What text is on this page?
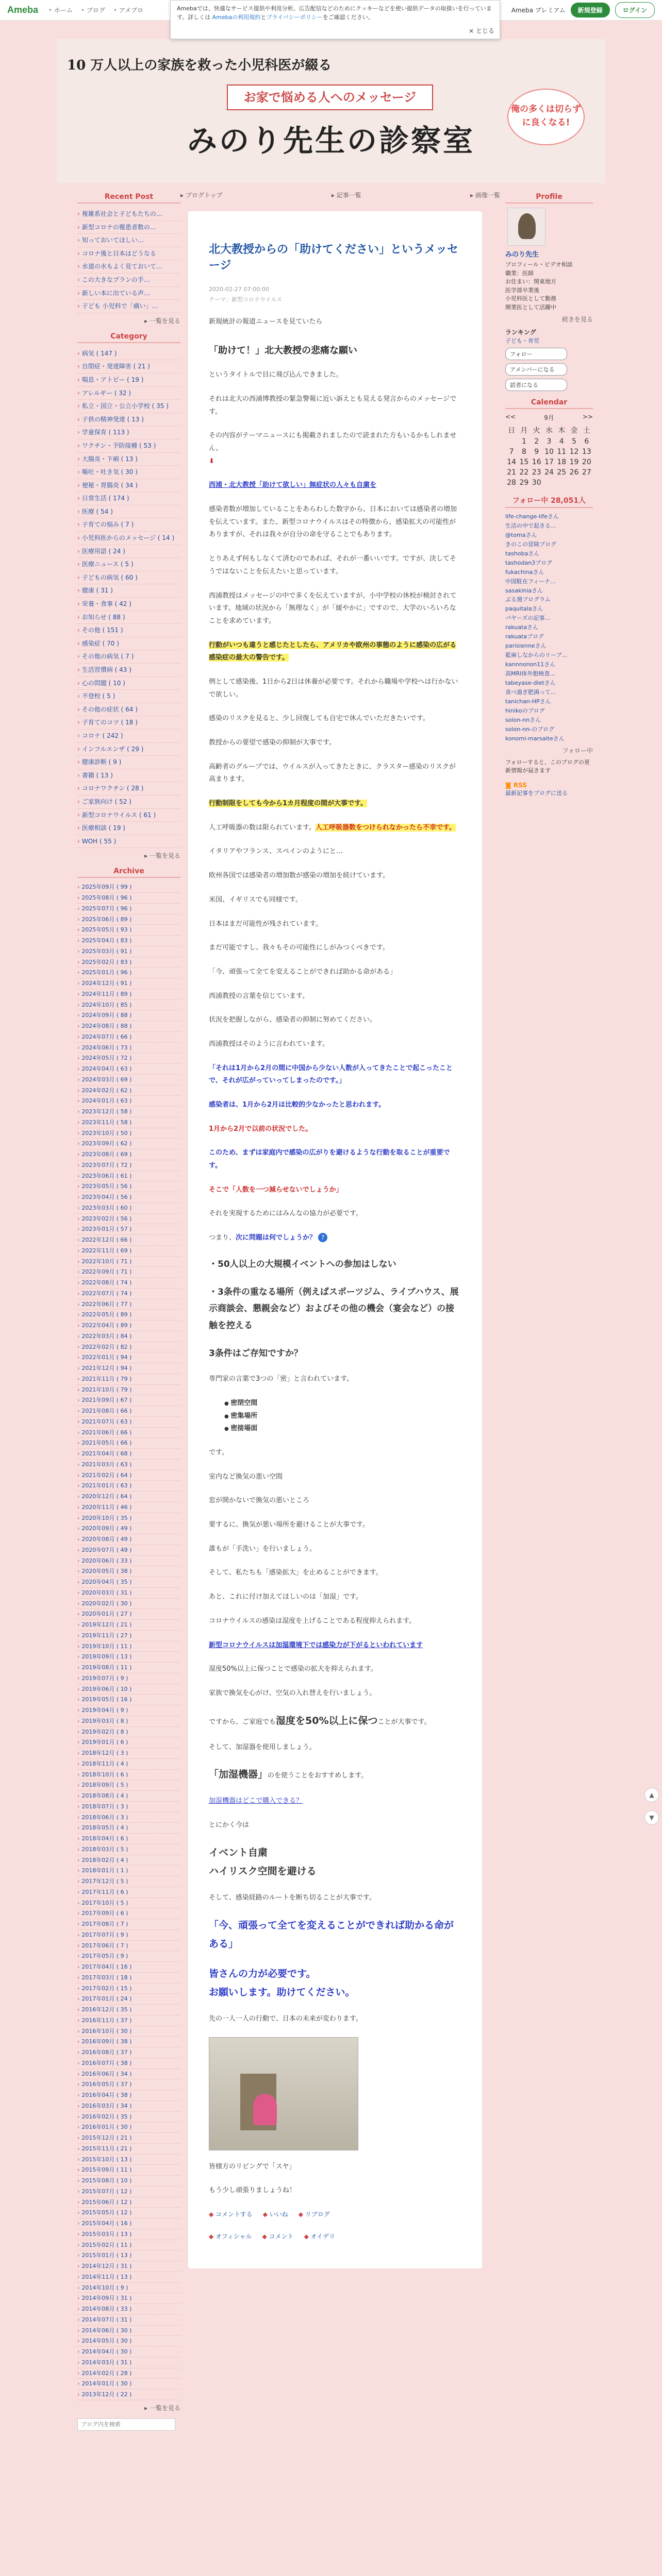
Ameba	• ホーム	• ブログ	• アメブロ	Ameba プレミアム	新規登録	ログイン
Amebaでは、快適なサービス提供や利用分析、広告配信などのためにクッキーなどを使い提供データの取扱いを行っています。詳しくは Amebaの利用規約とプライバシーポリシーをご確認ください。
× とじる
10 万人以上の家族を救った小児科医が綴る
お家で悩める人へのメッセージ
みのり先生の診察室
俺の多くは切らずに良くなる!
▸ ブログトップ	▸ 記事一覧	▸ 画像一覧
Recent Post
› 複雑系社会と子どもたちの…
› 新型コロナの罹患者数の…
› 知っておいてほしい…
› コロナ後と日本はどうなる
› 水道の水もよく見ておいて…
› この大きなプランの手…
› 新しい本に出ている声…
› 子ども 小児科で「痛い」…
▸ 一覧を見る
Category
› 病気 ( 147 )
› 自閉症・発達障害 ( 21 )
› 喘息・アトピー ( 19 )
› アレルギー ( 32 )
› 私立・国立・公立小学校 ( 35 )
› 子供の精神発達 ( 13 )
› 学童保育 ( 113 )
› ワクチン・予防接種 ( 53 )
› 大腸炎・下痢 ( 13 )
› 嘔吐・吐き気 ( 30 )
› 便秘・胃腸炎 ( 34 )
› 日常生活 ( 174 )
› 医療 ( 54 )
› 子育ての悩み ( 7 )
› 小児科医からのメッセージ ( 14 )
› 医療用語 ( 24 )
› 医療ニュース ( 5 )
› 子どもの病気 ( 60 )
› 健康 ( 31 )
› 栄養・食事 ( 42 )
› お知らせ ( 88 )
› その他 ( 151 )
› 感染症 ( 70 )
› その他の病気 ( 7 )
› 生活習慣病 ( 43 )
› 心の問題 ( 10 )
› 不登校 ( 5 )
› その他の症状 ( 64 )
› 子育てのコツ ( 18 )
› コロナ ( 242 )
› インフルエンザ ( 29 )
› 健康診断 ( 9 )
› 書籍 ( 13 )
› コロナワクチン ( 28 )
› ご家族向け ( 52 )
› 新型コロナウイルス ( 61 )
› 医療相談 ( 19 )
› WOH ( 55 )
▸ 一覧を見る
Archive
› 2025年09月 ( 99 )
› 2025年08月 ( 96 )
› 2025年07月 ( 96 )
› 2025年06月 ( 89 )
› 2025年05月 ( 93 )
› 2025年04月 ( 83 )
› 2025年03月 ( 91 )
› 2025年02月 ( 83 )
› 2025年01月 ( 96 )
› 2024年12月 ( 91 )
› 2024年11月 ( 89 )
› 2024年10月 ( 85 )
› 2024年09月 ( 88 )
› 2024年08月 ( 88 )
› 2024年07月 ( 66 )
› 2024年06月 ( 73 )
› 2024年05月 ( 72 )
› 2024年04月 ( 63 )
› 2024年03月 ( 69 )
› 2024年02月 ( 62 )
› 2024年01月 ( 63 )
› 2023年12月 ( 58 )
› 2023年11月 ( 58 )
› 2023年10月 ( 50 )
› 2023年09月 ( 62 )
› 2023年08月 ( 69 )
› 2023年07月 ( 72 )
› 2023年06月 ( 61 )
› 2023年05月 ( 56 )
› 2023年04月 ( 56 )
› 2023年03月 ( 60 )
› 2023年02月 ( 56 )
› 2023年01月 ( 57 )
› 2022年12月 ( 66 )
› 2022年11月 ( 69 )
› 2022年10月 ( 71 )
› 2022年09月 ( 71 )
› 2022年08月 ( 74 )
› 2022年07月 ( 74 )
› 2022年06月 ( 77 )
› 2022年05月 ( 89 )
› 2022年04月 ( 89 )
› 2022年03月 ( 84 )
› 2022年02月 ( 82 )
› 2022年01月 ( 94 )
› 2021年12月 ( 94 )
› 2021年11月 ( 79 )
› 2021年10月 ( 79 )
› 2021年09月 ( 67 )
› 2021年08月 ( 66 )
› 2021年07月 ( 63 )
› 2021年06月 ( 66 )
› 2021年05月 ( 66 )
› 2021年04月 ( 68 )
› 2021年03月 ( 63 )
› 2021年02月 ( 64 )
› 2021年01月 ( 63 )
› 2020年12月 ( 64 )
› 2020年11月 ( 46 )
› 2020年10月 ( 35 )
› 2020年09月 ( 49 )
› 2020年08月 ( 49 )
› 2020年07月 ( 49 )
› 2020年06月 ( 33 )
› 2020年05月 ( 38 )
› 2020年04月 ( 35 )
› 2020年03月 ( 31 )
› 2020年02月 ( 30 )
› 2020年01月 ( 27 )
› 2019年12月 ( 21 )
› 2019年11月 ( 27 )
› 2019年10月 ( 11 )
› 2019年09月 ( 13 )
› 2019年08月 ( 11 )
› 2019年07月 ( 9 )
› 2019年06月 ( 10 )
› 2019年05月 ( 16 )
› 2019年04月 ( 9 )
› 2019年03月 ( 8 )
› 2019年02月 ( 8 )
› 2019年01月 ( 6 )
› 2018年12月 ( 3 )
› 2018年11月 ( 4 )
› 2018年10月 ( 6 )
› 2018年09月 ( 5 )
› 2018年08月 ( 4 )
› 2018年07月 ( 3 )
› 2018年06月 ( 3 )
› 2018年05月 ( 4 )
› 2018年04月 ( 6 )
› 2018年03月 ( 5 )
› 2018年02月 ( 4 )
› 2018年01月 ( 1 )
› 2017年12月 ( 5 )
› 2017年11月 ( 6 )
› 2017年10月 ( 5 )
› 2017年09月 ( 6 )
› 2017年08月 ( 7 )
› 2017年07月 ( 9 )
› 2017年06月 ( 7 )
› 2017年05月 ( 9 )
› 2017年04月 ( 16 )
› 2017年03月 ( 18 )
› 2017年02月 ( 15 )
› 2017年01月 ( 24 )
› 2016年12月 ( 35 )
› 2016年11月 ( 37 )
› 2016年10月 ( 30 )
› 2016年09月 ( 38 )
› 2016年08月 ( 37 )
› 2016年07月 ( 38 )
› 2016年06月 ( 34 )
› 2016年05月 ( 37 )
› 2016年04月 ( 38 )
› 2016年03月 ( 34 )
› 2016年02月 ( 35 )
› 2016年01月 ( 30 )
› 2015年12月 ( 21 )
› 2015年11月 ( 21 )
› 2015年10月 ( 13 )
› 2015年09月 ( 11 )
› 2015年08月 ( 10 )
› 2015年07月 ( 12 )
› 2015年06月 ( 12 )
› 2015年05月 ( 12 )
› 2015年04月 ( 16 )
› 2015年03月 ( 13 )
› 2015年02月 ( 11 )
› 2015年01月 ( 13 )
› 2014年12月 ( 31 )
› 2014年11月 ( 13 )
› 2014年10月 ( 9 )
› 2014年09月 ( 31 )
› 2014年08月 ( 33 )
› 2014年07月 ( 31 )
› 2014年06月 ( 30 )
› 2014年05月 ( 30 )
› 2014年04月 ( 30 )
› 2014年03月 ( 31 )
› 2014年02月 ( 28 )
› 2014年01月 ( 30 )
› 2013年12月 ( 22 )
▸ 一覧を見る
ブログ内を検索
北大教授からの「助けてください」というメッセージ
2020-02-27 07:00:00
テーマ：新型コロナウイルス

新規統計の報道ニュースを見ていたら

「助けて！」北大教授の悲痛な願い

というタイトルで目に飛び込んできました。

それは北大の西浦博教授の緊急警報に近い訴えとも見える発言からのメッセージです。

その内容がテーマニュースにも掲載されましたので読まれた方もいるかもしれません。
⬇

西浦・北大教授「助けて欲しい」無症状の人々も自粛を

感染者数が増加していることをあらわした数字から、日本においては感染者の増加を伝えています。また、新型コロナウイルスはその特徴から、感染拡大の可能性がありますが、それは我々が自分の命を守ることでもあります。

とりあえず何もしなくて済むのであれば、それが一番いいです。ですが、決してそうではないことを伝えたいと思っています。

西浦教授はメッセージの中で多くを伝えていますが、小中学校の休校が検討されています。地域の状況から「無理なく」が「緩やかに」ですので、大学のいろいろなことを求めています。

行動がいつも違うと感じたとしたら、アメリカや欧州の事態のように感染の広がる感染症の最大の警告です。

例として感染後、1日から2日は休養が必要です。それから職場や学校へは行かないで欲しい。

感染のリスクを見ると、少し回復しても自宅で休んでいただきたいです。

教授からの要望で感染の抑制が大事です。

高齢者のグループでは、ウイルスが入ってきたときに、クラスター感染のリスクが高まります。

行動制限をしても今から1カ月程度の間が大事です。

人工呼吸器の数は限られています。人工呼吸器数をつけられなかったら不幸です。

イタリアやフランス、スペインのようにと…

欧州各国では感染者の増加数が感染の増加を続けています。

米国、イギリスでも同様です。

日本はまだ可能性が残されています。

まだ可能ですし、我々もその可能性にしがみつくべきです。

「今、頑張って全てを変えることができれば助かる命がある」

西浦教授の言葉を信じています。

状況を把握しながら、感染者の抑制に努めてください。

西浦教授はそのように言われています。

「それは1月から2月の間に中国から少ない人数が入ってきたことで起こったことで、それが広がっていってしまったのです。」

感染者は、1月から2月は比較的少なかったと思われます。

1月から2月で以前の状況でした。

このため、まずは家庭内で感染の広がりを避けるような行動を取ることが重要です。

そこで「人数を一つ減らせないでしょうか」

それを実現するためにはみんなの協力が必要です。

つまり、次に問題は何でしょうか？ ?

・50人以上の大規模イベントへの参加はしない

・3条件の重なる場所（例えばスポーツジム、ライブハウス、展示商談会、懇親会など）およびその他の機会（宴会など）の接触を控える

3条件はご存知ですか？

専門家の言葉で3つの「密」と言われています。

● 密閉空間
● 密集場所
● 密接場面

です。

室内など換気の悪い空間

窓が開かないで換気の悪いところ

要するに、換気が悪い場所を避けることが大事です。

誰もが「手洗い」を行いましょう。

そして、私たちも「感染拡大」を止めることができます。

あと、これに付け加えてほしいのは「加湿」です。

コロナウイルスの感染は湿度を上げることである程度抑えられます。

新型コロナウイルスは加湿環境下では感染力が下がるといわれています

湿度50%以上に保つことで感染の拡大を抑えられます。

家族で換気を心がけ、空気の入れ替えを行いましょう。

ですから、ご家庭でも湿度を50%以上に保つことが大事です。

そして、加湿器を使用しましょう。

「加湿機器」のを使うことをおすすめします。

加湿機器はどこで購入できる？

とにかく今は

イベント自粛
ハイリスク空間を避ける

そして、感染経路のルートを断ち切ることが大事です。

「今、頑張って全てを変えることができれば助かる命がある」

皆さんの力が必要です。
お願いします。助けてください。

先の一人一人の行動で、日本の未来が変わります。

皆様方のリビングで「スヤ」

もう少し頑張りましょうね！

◆ コメントする	◆ いいね	◆ リブログ
◆ オフィシャル	◆ コメント	◆ オイデリ
Profile
みのり先生
プロフィール・ビデオ相談
職業：医師
お住まい：関東地方
医学部卒業後
小児科医として勤務
開業医として活躍中
続きを見る
ランキング
子ども・育児
フォロー
アメンバーになる
読者になる
Calendar
<<	9月	>>
日	月	火	水	木	金	土
	1	2	3	4	5	6
7	8	9	10	11	12	13
14	15	16	17	18	19	20
21	22	23	24	25	26	27
28	29	30				
フォロー中 28,051人
life-change-lifeさん
生活の中で起きる...
@tomaさん
きのこの冒険ブログ
tashobaさん
tashodan3ブログ
fukachinaさん
中国駐在フィーナ...
sasakiniaさん
ぶる週プログラム
paquitalaさん
パヤーズの記事...
rakuataさん
rakuataブログ
parisienneさん
藍麻しなからのリーブ...
kannnonon11さん
高MRI体外胞検査...
tabeyase-dietさん
食べ過ぎ肥満って...
tanichan-HPさん
hinikoのブログ
solon-nnさん
solon-nn-のブログ
konomi-marsaiteさん
フォロー中
フォローすると、このブログの更新情報が届きます
◙ RSS
最新記事をブログに送る
▲
▼
